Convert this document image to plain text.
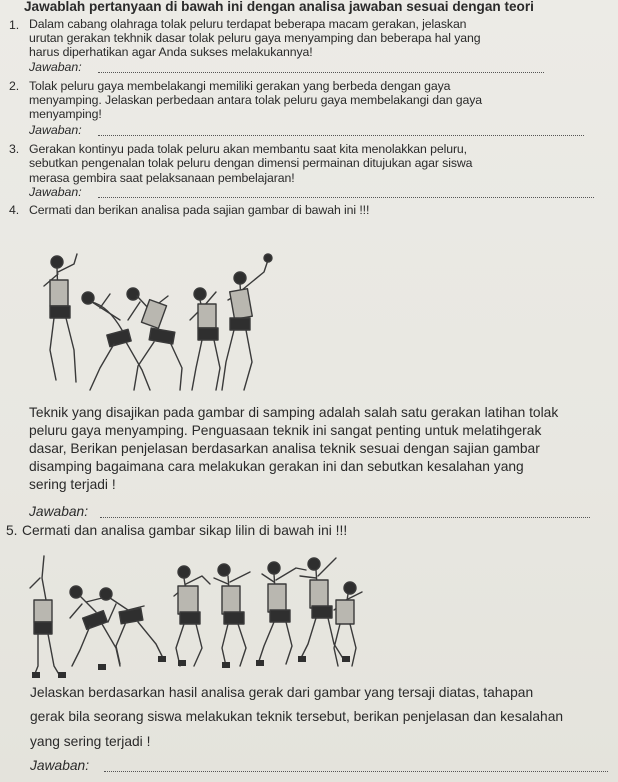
Jawablah pertanyaan di bawah ini dengan analisa jawaban sesuai dengan teori
1. Dalam cabang olahraga tolak peluru terdapat beberapa macam gerakan, jelaskan
urutan gerakan tekhnik dasar tolak peluru gaya menyamping dan beberapa hal yang
harus diperhatikan agar Anda sukses melakukannya!
Jawaban:
2. Tolak peluru gaya membelakangi memiliki gerakan yang berbeda dengan gaya
menyamping. Jelaskan perbedaan antara tolak peluru gaya membelakangi dan gaya
menyamping!
Jawaban:
3. Gerakan kontinyu pada tolak peluru akan membantu saat kita menolakkan peluru,
sebutkan pengenalan tolak peluru dengan dimensi permainan ditujukan agar siswa
merasa gembira saat pelaksanaan pembelajaran!
Jawaban:
4. Cermati dan berikan analisa pada sajian gambar di bawah ini !!!
Teknik yang disajikan pada gambar di samping adalah salah satu gerakan latihan tolak
peluru gaya menyamping. Penguasaan teknik ini sangat penting untuk melatihgerak
dasar, Berikan penjelasan berdasarkan analisa teknik sesuai dengan sajian gambar
disamping bagaimana cara melakukan gerakan ini dan sebutkan kesalahan yang
sering terjadi !
Jawaban:
5. Cermati dan analisa gambar sikap lilin di bawah ini !!!
Jelaskan berdasarkan hasil analisa gerak dari gambar yang tersaji diatas, tahapan
gerak bila seorang siswa melakukan teknik tersebut, berikan penjelasan dan kesalahan
yang sering terjadi !
Jawaban:
